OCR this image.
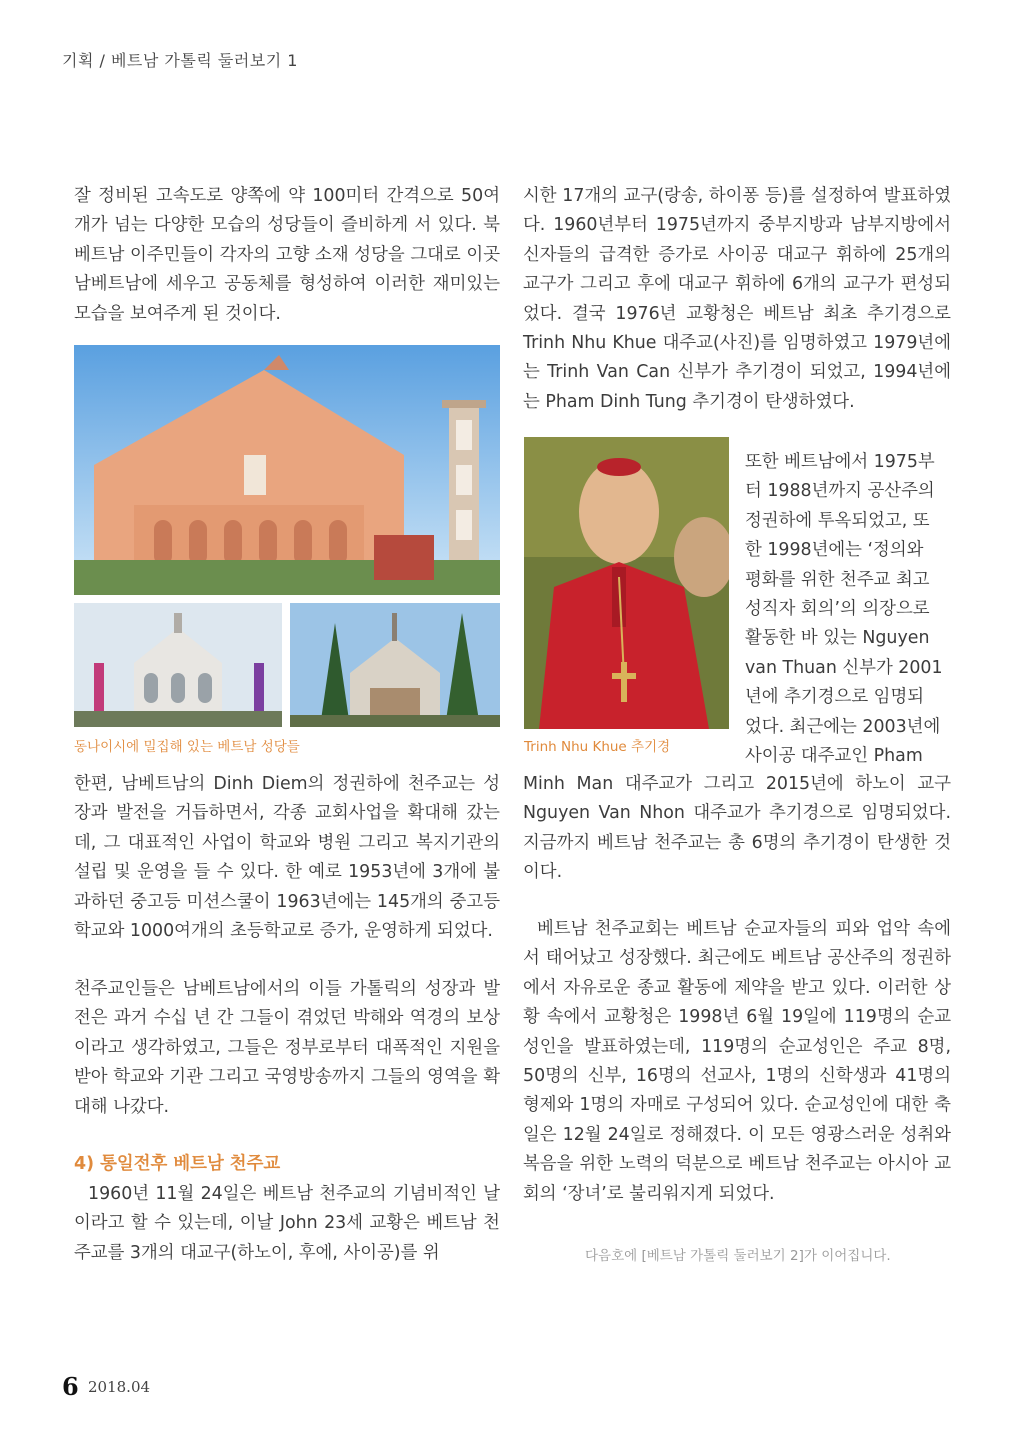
기획 / 베트남 가톨릭 둘러보기 1

잘 정비된 고속도로 양쪽에 약 100미터 간격으로 50여 개가 넘는 다양한 모습의 성당들이 즐비하게 서 있다. 북베트남 이주민들이 각자의 고향 소재 성당을 그대로 이곳 남베트남에 세우고 공동체를 형성하여 이러한 재미있는 모습을 보여주게 된 것이다.

동나이시에 밀집해 있는 베트남 성당들

한편, 남베트남의 Dinh Diem의 정권하에 천주교는 성장과 발전을 거듭하면서, 각종 교회사업을 확대해 갔는데, 그 대표적인 사업이 학교와 병원 그리고 복지기관의 설립 및 운영을 들 수 있다. 한 예로 1953년에 3개에 불과하던 중고등 미션스쿨이 1963년에는 145개의 중고등학교와 1000여개의 초등학교로 증가, 운영하게 되었다.

천주교인들은 남베트남에서의 이들 가톨릭의 성장과 발전은 과거 수십 년 간 그들이 겪었던 박해와 역경의 보상이라고 생각하였고, 그들은 정부로부터 대폭적인 지원을 받아 학교와 기관 그리고 국영방송까지 그들의 영역을 확대해 나갔다.

4) 통일전후 베트남 천주교

1960년 11월 24일은 베트남 천주교의 기념비적인 날이라고 할 수 있는데, 이날 John 23세 교황은 베트남 천주교를 3개의 대교구(하노이, 후에, 사이공)를 위

시한 17개의 교구(랑송, 하이퐁 등)를 설정하여 발표하였다. 1960년부터 1975년까지 중부지방과 남부지방에서 신자들의 급격한 증가로 사이공 대교구 휘하에 25개의 교구가 그리고 후에 대교구 휘하에 6개의 교구가 편성되었다. 결국 1976년 교황청은 베트남 최초 추기경으로 Trinh Nhu Khue 대주교(사진)를 임명하였고 1979년에는 Trinh Van Can 신부가 추기경이 되었고, 1994년에는 Pham Dinh Tung 추기경이 탄생하였다.

Trinh Nhu Khue 추기경
또한 베트남에서 1975부
터 1988년까지 공산주의
정권하에 투옥되었고, 또
한 1998년에는 ‘정의와
평화를 위한 천주교 최고
성직자 회의’의 의장으로
활동한 바 있는 Nguyen
van Thuan 신부가 2001
년에 추기경으로 임명되
었다. 최근에는 2003년에
사이공 대주교인 Pham

Minh Man 대주교가 그리고 2015년에 하노이 교구 Nguyen Van Nhon 대주교가 추기경으로 임명되었다. 지금까지 베트남 천주교는 총 6명의 추기경이 탄생한 것이다.

베트남 천주교회는 베트남 순교자들의 피와 업악 속에서 태어났고 성장했다. 최근에도 베트남 공산주의 정권하에서 자유로운 종교 활동에 제약을 받고 있다. 이러한 상황 속에서 교황청은 1998년 6월 19일에 119명의 순교성인을 발표하였는데, 119명의 순교성인은 주교 8명, 50명의 신부, 16명의 선교사, 1명의 신학생과 41명의 형제와 1명의 자매로 구성되어 있다. 순교성인에 대한 축일은 12월 24일로 정해졌다. 이 모든 영광스러운 성취와 복음을 위한 노력의 덕분으로 베트남 천주교는 아시아 교회의 ‘장녀’로 불리워지게 되었다.

다음호에 [베트남 가톨릭 둘러보기 2]가 이어집니다.
6 2018.04
